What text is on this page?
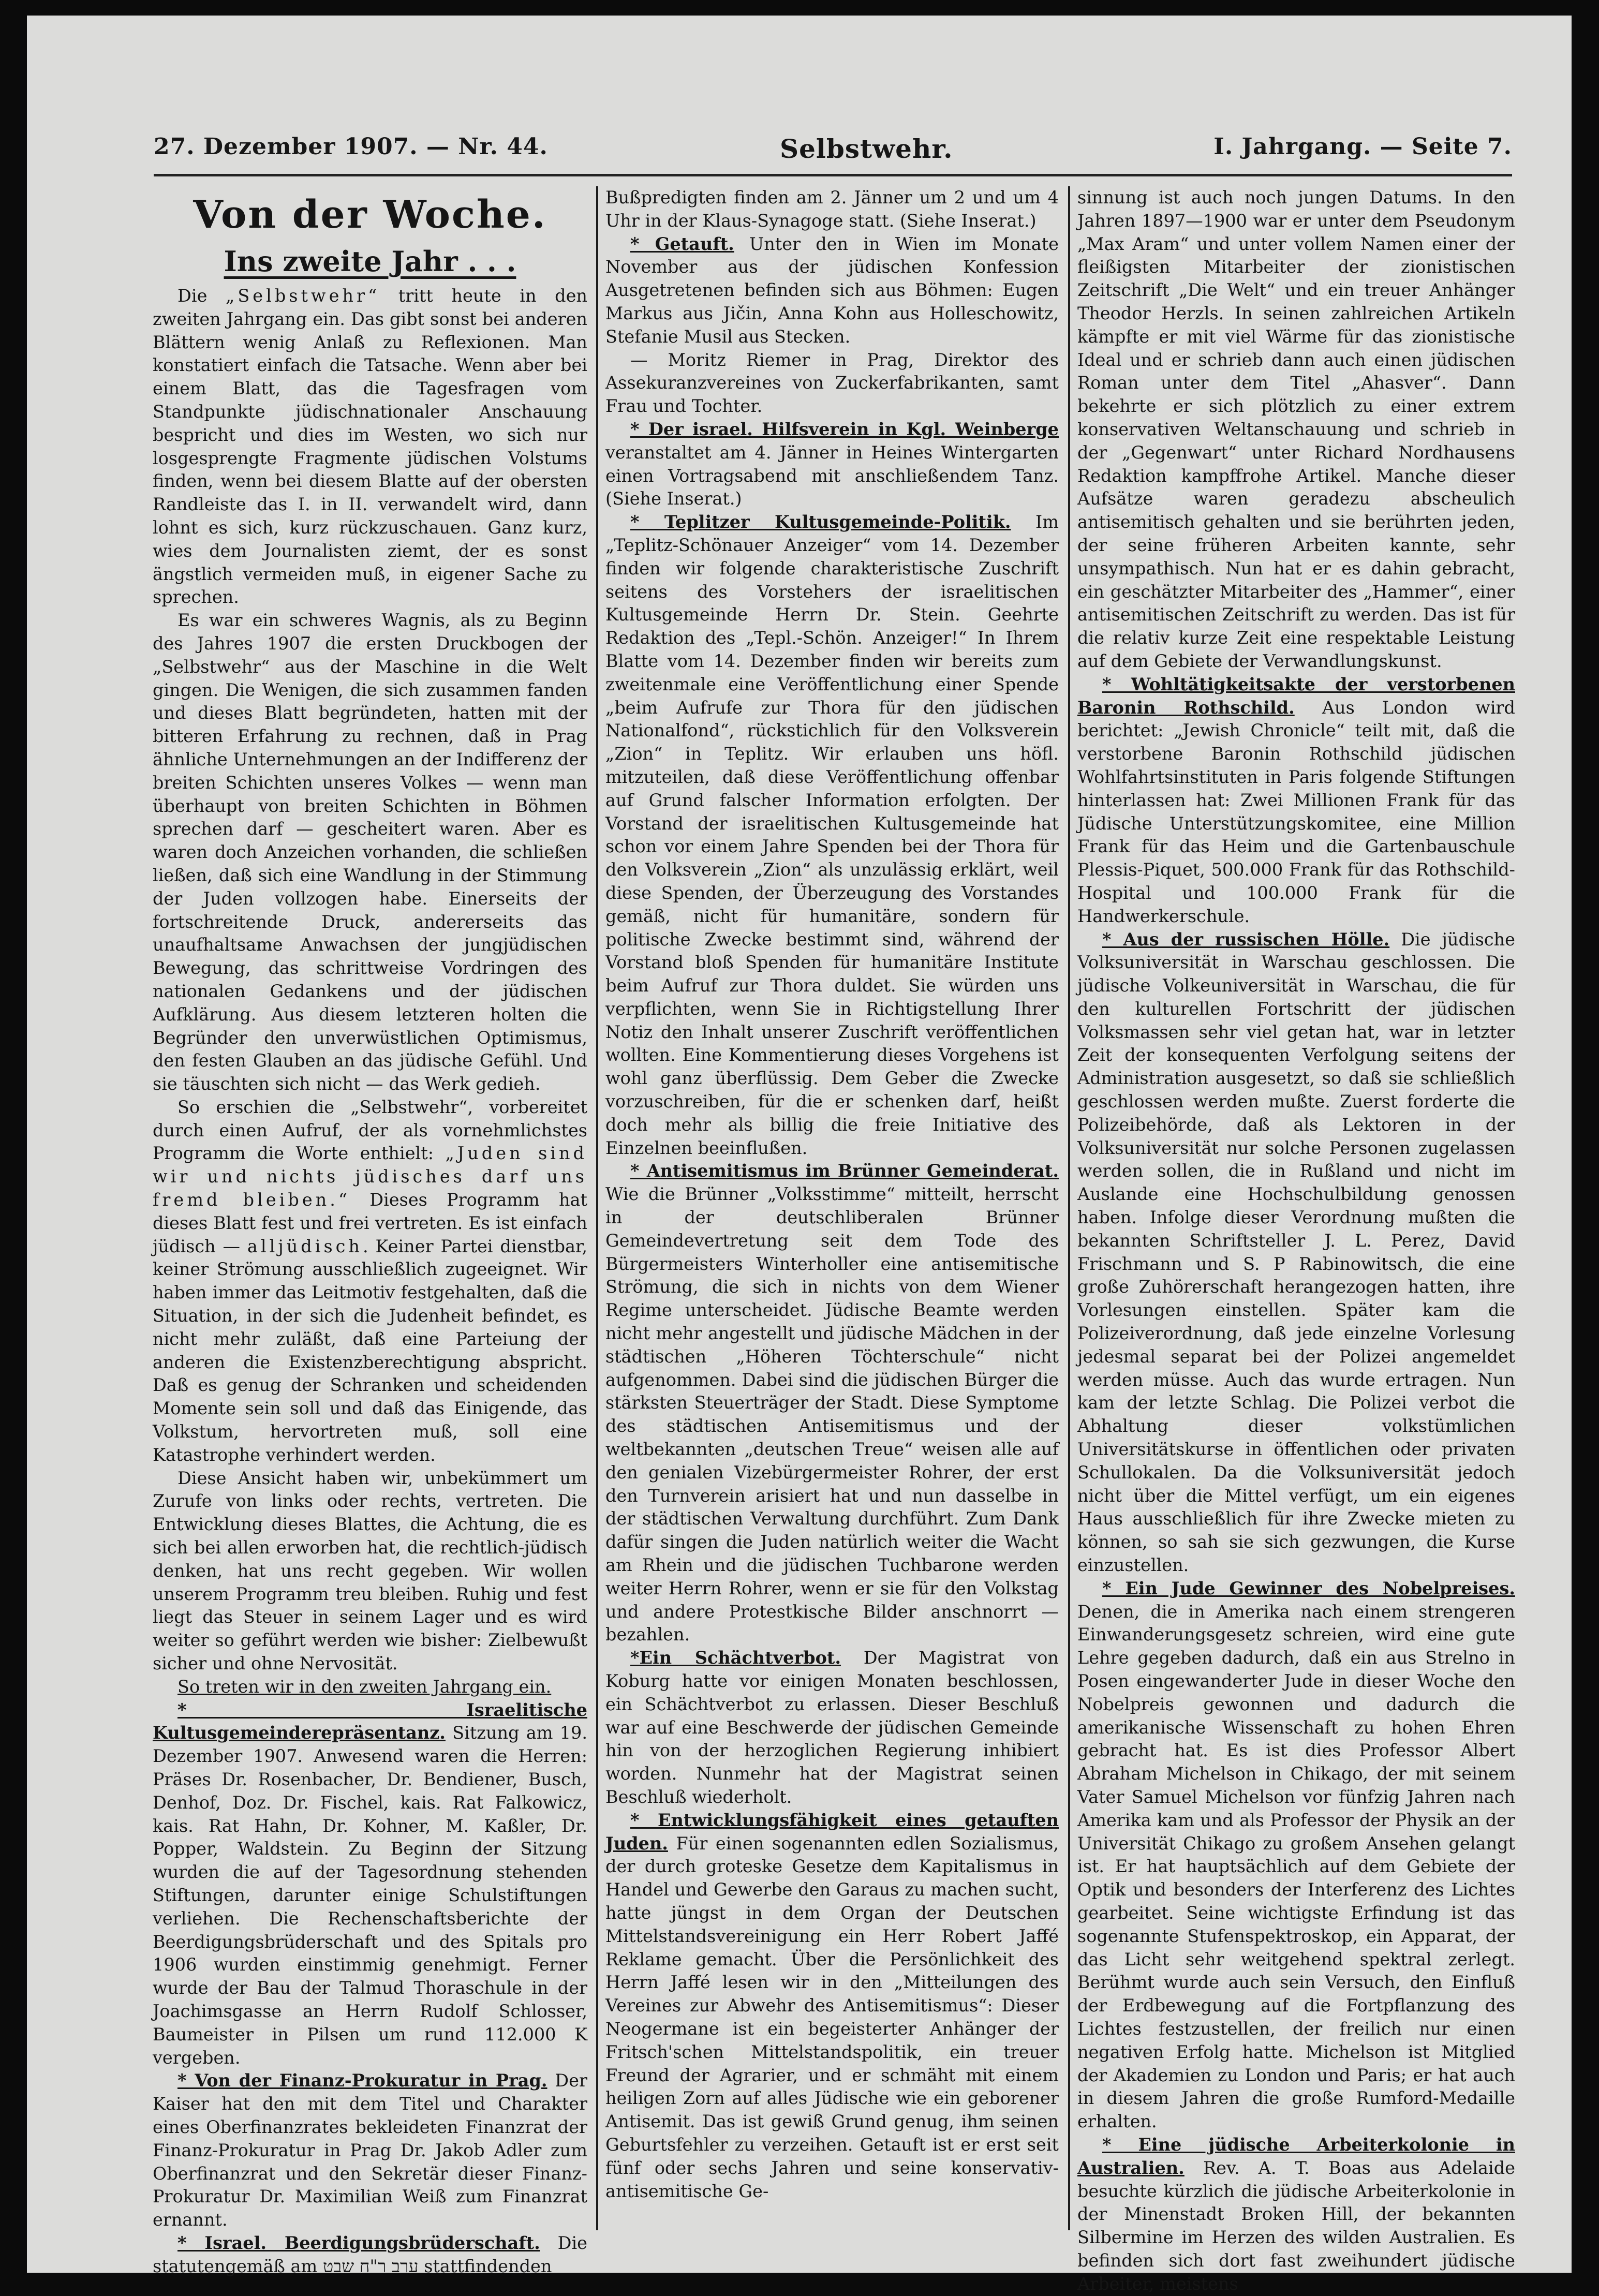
27. Dezember 1907. — Nr. 44.	Selbstwehr.	I. Jahrgang. — Seite 7.
Von der Woche.
Ins zweite Jahr . . .

Die „Selbstwehr“ tritt heute in den zweiten Jahrgang ein. Das gibt sonst bei anderen Blättern wenig Anlaß zu Reflexionen. Man konstatiert einfach die Tatsache. Wenn aber bei einem Blatt, das die Tagesfragen vom Standpunkte jüdischnationaler Anschauung bespricht und dies im Westen, wo sich nur losgesprengte Fragmente jüdischen Volstums finden, wenn bei diesem Blatte auf der obersten Randleiste das I. in II. verwandelt wird, dann lohnt es sich, kurz rückzuschauen. Ganz kurz, wies dem Journalisten ziemt, der es sonst ängstlich vermeiden muß, in eigener Sache zu sprechen.

Es war ein schweres Wagnis, als zu Beginn des Jahres 1907 die ersten Druckbogen der „Selbstwehr“ aus der Maschine in die Welt gingen. Die Wenigen, die sich zusammen fanden und dieses Blatt begründeten, hatten mit der bitteren Erfahrung zu rechnen, daß in Prag ähnliche Unternehmungen an der Indifferenz der breiten Schichten unseres Volkes — wenn man überhaupt von breiten Schichten in Böhmen sprechen darf — gescheitert waren. Aber es waren doch Anzeichen vorhanden, die schließen ließen, daß sich eine Wandlung in der Stimmung der Juden vollzogen habe. Einerseits der fortschreitende Druck, andererseits das unaufhaltsame Anwachsen der jungjüdischen Bewegung, das schrittweise Vordringen des nationalen Gedankens und der jüdischen Aufklärung. Aus diesem letzteren holten die Begründer den unverwüstlichen Optimismus, den festen Glauben an das jüdische Gefühl. Und sie täuschten sich nicht — das Werk gedieh.

So erschien die „Selbstwehr“, vorbereitet durch einen Aufruf, der als vornehmlichstes Programm die Worte enthielt: „Juden sind wir und nichts jüdisches darf uns fremd bleiben.“ Dieses Programm hat dieses Blatt fest und frei vertreten. Es ist einfach jüdisch — alljüdisch. Keiner Partei dienstbar, keiner Strömung ausschließlich zugeeignet. Wir haben immer das Leitmotiv festgehalten, daß die Situation, in der sich die Judenheit befindet, es nicht mehr zuläßt, daß eine Parteiung der anderen die Existenzberechtigung abspricht. Daß es genug der Schranken und scheidenden Momente sein soll und daß das Einigende, das Volkstum, hervortreten muß, soll eine Katastrophe verhindert werden.

Diese Ansicht haben wir, unbekümmert um Zurufe von links oder rechts, vertreten. Die Entwicklung dieses Blattes, die Achtung, die es sich bei allen erworben hat, die rechtlich-jüdisch denken, hat uns recht gegeben. Wir wollen unserem Programm treu bleiben. Ruhig und fest liegt das Steuer in seinem Lager und es wird weiter so geführt werden wie bisher: Zielbewußt sicher und ohne Nervosität.

So treten wir in den zweiten Jahrgang ein.

* Israelitische Kultusgemeinderepräsentanz. Sitzung am 19. Dezember 1907. Anwesend waren die Herren: Präses Dr. Rosenbacher, Dr. Bendiener, Busch, Denhof, Doz. Dr. Fischel, kais. Rat Falkowicz, kais. Rat Hahn, Dr. Kohner, M. Kaßler, Dr. Popper, Waldstein. Zu Beginn der Sitzung wurden die auf der Tagesordnung stehenden Stiftungen, darunter einige Schulstiftungen verliehen. Die Rechenschaftsberichte der Beerdigungsbrüderschaft und des Spitals pro 1906 wurden einstimmig genehmigt. Ferner wurde der Bau der Talmud Thoraschule in der Joachimsgasse an Herrn Rudolf Schlosser, Baumeister in Pilsen um rund 112.000 K vergeben.

* Von der Finanz-Prokuratur in Prag. Der Kaiser hat den mit dem Titel und Charakter eines Oberfinanzrates bekleideten Finanzrat der Finanz-Prokuratur in Prag Dr. Jakob Adler zum Oberfinanzrat und den Sekretär dieser Finanz-Prokuratur Dr. Maximilian Weiß zum Finanzrat ernannt.

* Israel. Beerdigungsbrüderschaft. Die statutengemäß am ערב ר"ח שבט stattfindenden

Bußpredigten finden am 2. Jänner um 2 und um 4 Uhr in der Klaus-Synagoge statt. (Siehe Inserat.)

* Getauft. Unter den in Wien im Monate November aus der jüdischen Konfession Ausgetretenen befinden sich aus Böhmen: Eugen Markus aus Jičin, Anna Kohn aus Holleschowitz, Stefanie Musil aus Stecken.

— Moritz Riemer in Prag, Direktor des Assekuranzvereines von Zuckerfabrikanten, samt Frau und Tochter.

* Der israel. Hilfsverein in Kgl. Weinberge veranstaltet am 4. Jänner in Heines Wintergarten einen Vortragsabend mit anschließendem Tanz. (Siehe Inserat.)

* Teplitzer Kultusgemeinde-Politik. Im „Teplitz-Schönauer Anzeiger“ vom 14. Dezember finden wir folgende charakteristische Zuschrift seitens des Vorstehers der israelitischen Kultusgemeinde Herrn Dr. Stein. Geehrte Redaktion des „Tepl.-Schön. Anzeiger!“ In Ihrem Blatte vom 14. Dezember finden wir bereits zum zweitenmale eine Veröffentlichung einer Spende „beim Aufrufe zur Thora für den jüdischen Nationalfond“, rückstichlich für den Volksverein „Zion“ in Teplitz. Wir erlauben uns höfl. mitzuteilen, daß diese Veröffentlichung offenbar auf Grund falscher Information erfolgten. Der Vorstand der israelitischen Kultusgemeinde hat schon vor einem Jahre Spenden bei der Thora für den Volksverein „Zion“ als unzulässig erklärt, weil diese Spenden, der Überzeugung des Vorstandes gemäß, nicht für humanitäre, sondern für politische Zwecke bestimmt sind, während der Vorstand bloß Spenden für humanitäre Institute beim Aufruf zur Thora duldet. Sie würden uns verpflichten, wenn Sie in Richtigstellung Ihrer Notiz den Inhalt unserer Zuschrift veröffentlichen wollten. Eine Kommentierung dieses Vorgehens ist wohl ganz überflüssig. Dem Geber die Zwecke vorzuschreiben, für die er schenken darf, heißt doch mehr als billig die freie Initiative des Einzelnen beeinflußen.

* Antisemitismus im Brünner Gemeinderat. Wie die Brünner „Volksstimme“ mitteilt, herrscht in der deutschliberalen Brünner Gemeindevertretung seit dem Tode des Bürgermeisters Winterholler eine antisemitische Strömung, die sich in nichts von dem Wiener Regime unterscheidet. Jüdische Beamte werden nicht mehr angestellt und jüdische Mädchen in der städtischen „Höheren Töchterschule“ nicht aufgenommen. Dabei sind die jüdischen Bürger die stärksten Steuerträger der Stadt. Diese Symptome des städtischen Antisemitismus und der weltbekannten „deutschen Treue“ weisen alle auf den genialen Vizebürgermeister Rohrer, der erst den Turnverein arisiert hat und nun dasselbe in der städtischen Verwaltung durchführt. Zum Dank dafür singen die Juden natürlich weiter die Wacht am Rhein und die jüdischen Tuchbarone werden weiter Herrn Rohrer, wenn er sie für den Volkstag und andere Protestkische Bilder anschnorrt — bezahlen.

*Ein Schächtverbot. Der Magistrat von Koburg hatte vor einigen Monaten beschlossen, ein Schächtverbot zu erlassen. Dieser Beschluß war auf eine Beschwerde der jüdischen Gemeinde hin von der herzoglichen Regierung inhibiert worden. Nunmehr hat der Magistrat seinen Beschluß wiederholt.

* Entwicklungsfähigkeit eines getauften Juden. Für einen sogenannten edlen Sozialismus, der durch groteske Gesetze dem Kapitalismus in Handel und Gewerbe den Garaus zu machen sucht, hatte jüngst in dem Organ der Deutschen Mittelstandsvereinigung ein Herr Robert Jaffé Reklame gemacht. Über die Persönlichkeit des Herrn Jaffé lesen wir in den „Mitteilungen des Vereines zur Abwehr des Antisemitismus“: Dieser Neogermane ist ein begeisterter Anhänger der Fritsch'schen Mittelstandspolitik, ein treuer Freund der Agrarier, und er schmäht mit einem heiligen Zorn auf alles Jüdische wie ein geborener Antisemit. Das ist gewiß Grund genug, ihm seinen Geburtsfehler zu verzeihen. Getauft ist er erst seit fünf oder sechs Jahren und seine konservativ-antisemitische Ge-

sinnung ist auch noch jungen Datums. In den Jahren 1897—1900 war er unter dem Pseudonym „Max Aram“ und unter vollem Namen einer der fleißigsten Mitarbeiter der zionistischen Zeitschrift „Die Welt“ und ein treuer Anhänger Theodor Herzls. In seinen zahlreichen Artikeln kämpfte er mit viel Wärme für das zionistische Ideal und er schrieb dann auch einen jüdischen Roman unter dem Titel „Ahasver“. Dann bekehrte er sich plötzlich zu einer extrem konservativen Weltanschauung und schrieb in der „Gegenwart“ unter Richard Nordhausens Redaktion kampffrohe Artikel. Manche dieser Aufsätze waren geradezu abscheulich antisemitisch gehalten und sie berührten jeden, der seine früheren Arbeiten kannte, sehr unsympathisch. Nun hat er es dahin gebracht, ein geschätzter Mitarbeiter des „Hammer“, einer antisemitischen Zeitschrift zu werden. Das ist für die relativ kurze Zeit eine respektable Leistung auf dem Gebiete der Verwandlungskunst.

* Wohltätigkeitsakte der verstorbenen Baronin Rothschild. Aus London wird berichtet: „Jewish Chronicle“ teilt mit, daß die verstorbene Baronin Rothschild jüdischen Wohlfahrtsinstituten in Paris folgende Stiftungen hinterlassen hat: Zwei Millionen Frank für das Jüdische Unterstützungskomitee, eine Million Frank für das Heim und die Gartenbauschule Plessis-Piquet, 500.000 Frank für das Rothschild-Hospital und 100.000 Frank für die Handwerkerschule.

* Aus der russischen Hölle. Die jüdische Volksuniversität in Warschau geschlossen. Die jüdische Volkeuniversität in Warschau, die für den kulturellen Fortschritt der jüdischen Volksmassen sehr viel getan hat, war in letzter Zeit der konsequenten Verfolgung seitens der Administration ausgesetzt, so daß sie schließlich geschlossen werden mußte. Zuerst forderte die Polizeibehörde, daß als Lektoren in der Volksuniversität nur solche Personen zugelassen werden sollen, die in Rußland und nicht im Auslande eine Hochschulbildung genossen haben. Infolge dieser Verordnung mußten die bekannten Schriftsteller J. L. Perez, David Frischmann und S. P Rabinowitsch, die eine große Zuhörerschaft herangezogen hatten, ihre Vorlesungen einstellen. Später kam die Polizeiverordnung, daß jede einzelne Vorlesung jedesmal separat bei der Polizei angemeldet werden müsse. Auch das wurde ertragen. Nun kam der letzte Schlag. Die Polizei verbot die Abhaltung dieser volkstümlichen Universitätskurse in öffentlichen oder privaten Schullokalen. Da die Volksuniversität jedoch nicht über die Mittel verfügt, um ein eigenes Haus ausschließlich für ihre Zwecke mieten zu können, so sah sie sich gezwungen, die Kurse einzustellen.

* Ein Jude Gewinner des Nobelpreises. Denen, die in Amerika nach einem strengeren Einwanderungsgesetz schreien, wird eine gute Lehre gegeben dadurch, daß ein aus Strelno in Posen eingewanderter Jude in dieser Woche den Nobelpreis gewonnen und dadurch die amerikanische Wissenschaft zu hohen Ehren gebracht hat. Es ist dies Professor Albert Abraham Michelson in Chikago, der mit seinem Vater Samuel Michelson vor fünfzig Jahren nach Amerika kam und als Professor der Physik an der Universität Chikago zu großem Ansehen gelangt ist. Er hat hauptsächlich auf dem Gebiete der Optik und besonders der Interferenz des Lichtes gearbeitet. Seine wichtigste Erfindung ist das sogenannte Stufenspektroskop, ein Apparat, der das Licht sehr weitgehend spektral zerlegt. Berühmt wurde auch sein Versuch, den Einfluß der Erdbewegung auf die Fortpflanzung des Lichtes festzustellen, der freilich nur einen negativen Erfolg hatte. Michelson ist Mitglied der Akademien zu London und Paris; er hat auch in diesem Jahren die große Rumford-Medaille erhalten.

* Eine jüdische Arbeiterkolonie in Australien. Rev. A. T. Boas aus Adelaide besuchte kürzlich die jüdische Arbeiterkolonie in der Minenstadt Broken Hill, der bekannten Silbermine im Herzen des wilden Australien. Es befinden sich dort fast zweihundert jüdische Arbeiter, meistens
